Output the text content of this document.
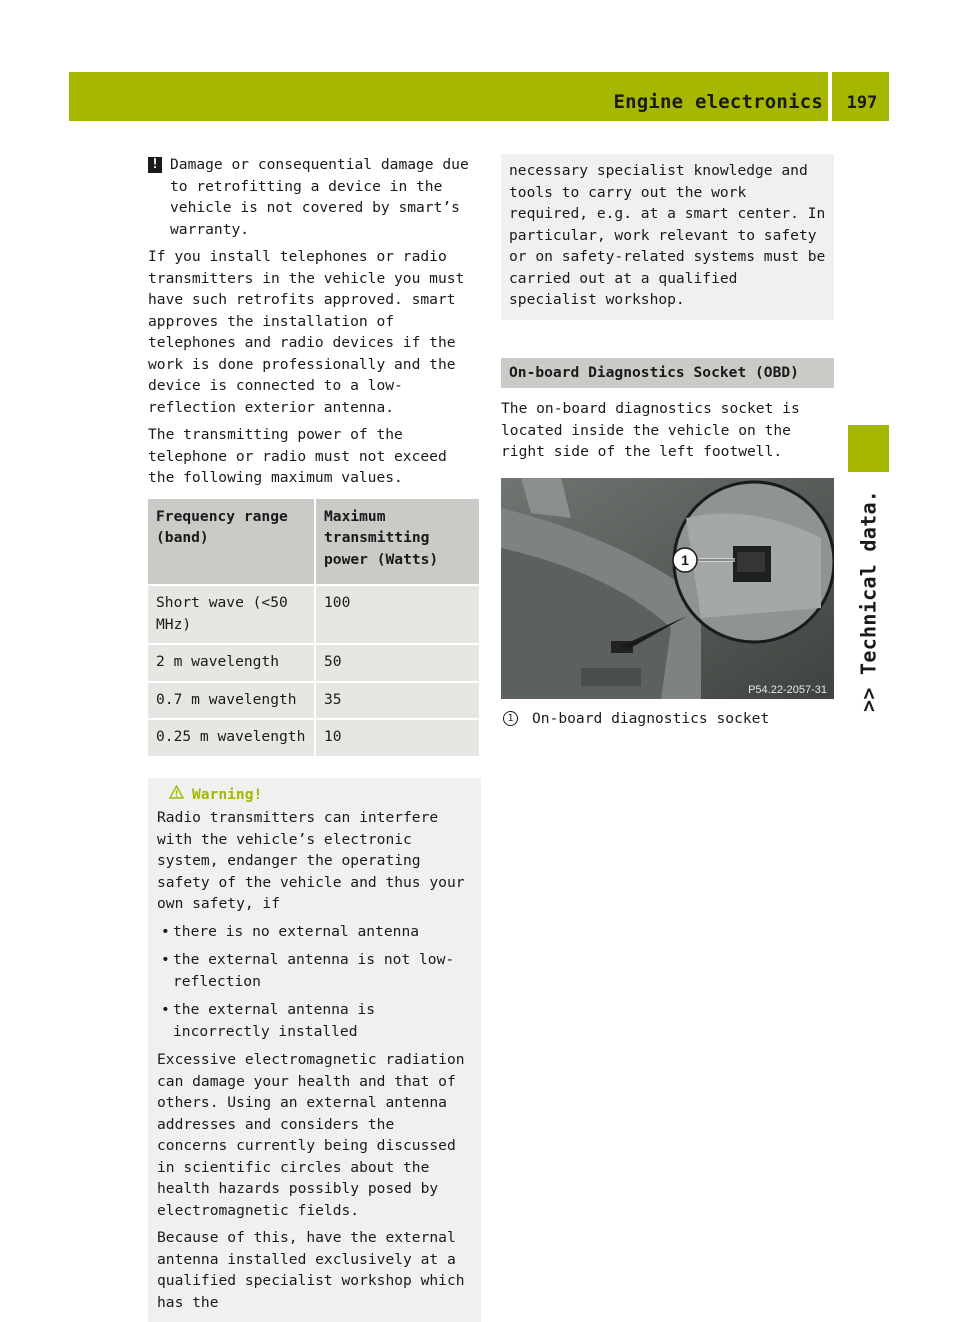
Engine electronics	197
>> Technical data.
! Damage or consequential damage due to retrofitting a device in the vehicle is not covered by smart’s warranty.

If you install telephones or radio transmitters in the vehicle you must have such retrofits approved. smart approves the installation of telephones and radio devices if the work is done professionally and the device is connected to a low-reflection exterior antenna.

The transmitting power of the telephone or radio must not exceed the following maximum values.

Frequency range (band)	Maximum transmitting power (Watts)
Short wave (<50 MHz)	100
2 m wavelength	50
0.7 m wavelength	35
0.25 m wavelength	10
Warning!

Radio transmitters can interfere with the vehicle’s electronic system, endanger the operating safety of the vehicle and thus your own safety, if

• there is no external antenna
• the external antenna is not low-reflection
• the external antenna is incorrectly installed

Excessive electromagnetic radiation can damage your health and that of others. Using an external antenna addresses and considers the concerns currently being discussed in scientific circles about the health hazards possibly posed by electromagnetic fields.

Because of this, have the external antenna installed exclusively at a qualified specialist workshop which has the

necessary specialist knowledge and tools to carry out the work required, e.g. at a smart center. In particular, work relevant to safety or on safety-related systems must be carried out at a qualified specialist workshop.

On-board Diagnostics Socket (OBD)

The on-board diagnostics socket is located inside the vehicle on the right side of the left footwell.

1
P54.22-2057-31
1	On-board diagnostics socket
